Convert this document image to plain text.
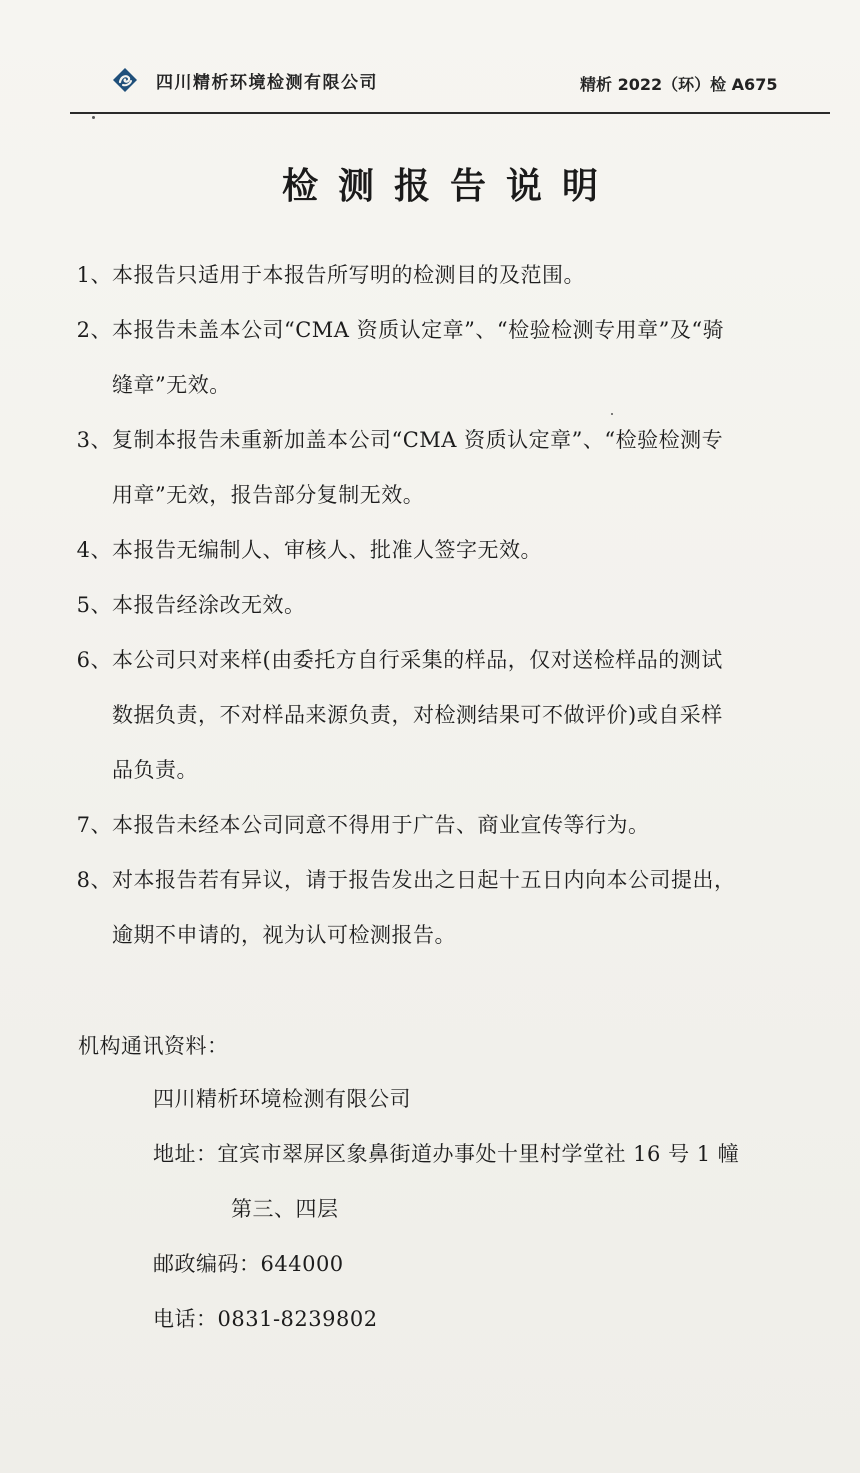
四川精析环境检测有限公司	精析 2022（环）检 A675
检测报告说明
1、 本报告只适用于本报告所写明的检测目的及范围。
2、 本报告未盖本公司“CMA 资质认定章”、“检验检测专用章”及“骑
缝章”无效。
3、 复制本报告未重新加盖本公司“CMA 资质认定章”、“检验检测专
用章”无效，报告部分复制无效。
4、 本报告无编制人、审核人、批准人签字无效。
5、 本报告经涂改无效。
6、 本公司只对来样(由委托方自行采集的样品，仅对送检样品的测试
数据负责，不对样品来源负责，对检测结果可不做评价)或自采样
品负责。
7、 本报告未经本公司同意不得用于广告、商业宣传等行为。
8、 对本报告若有异议，请于报告发出之日起十五日内向本公司提出，
逾期不申请的，视为认可检测报告。
机构通讯资料：
四川精析环境检测有限公司
地址：宜宾市翠屏区象鼻街道办事处十里村学堂社 16 号 1 幢
第三、四层
邮政编码：644000
电话：0831-8239802
